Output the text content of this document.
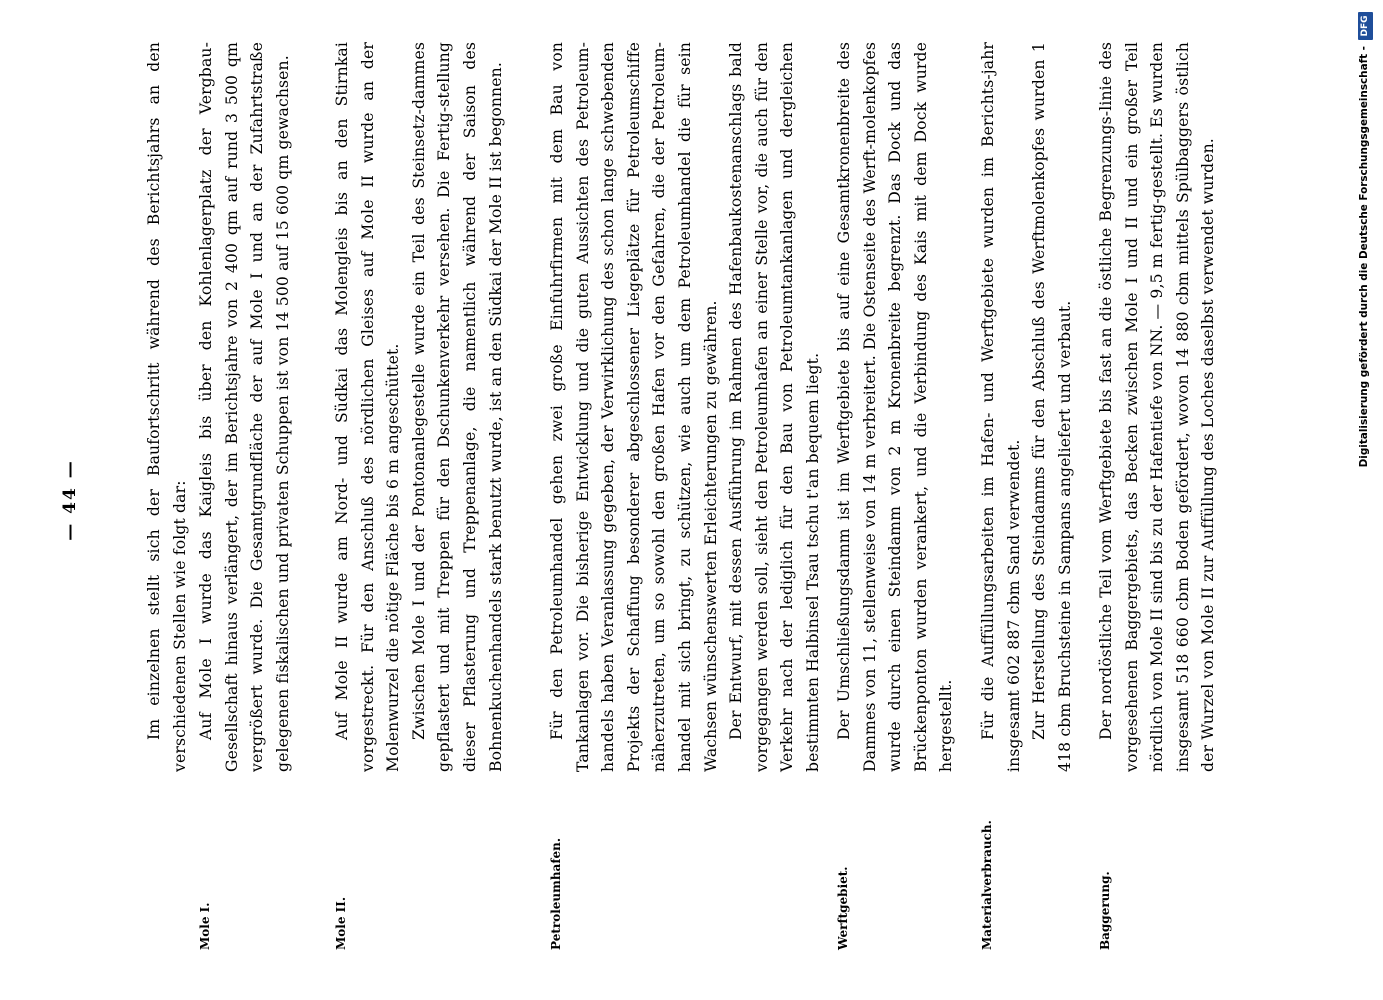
— 44 —	Im einzelnen stellt sich der Baufortschritt während des Berichtsjahrs an den verschiedenen Stellen wie folgt dar:

Mole I.

Auf Mole I wurde das Kaigleis bis über den Kohlenlagerplatz der Vergbau-Gesellschaft hinaus verlängert, der im Berichtsjahre von 2 400 qm auf rund 3 500 qm vergrößert wurde. Die Gesamtgrundfläche der auf Mole I und an der Zufahrtstraße gelegenen fiskalischen und privaten Schuppen ist von 14 500 auf 15 600 qm gewachsen.

Mole II.

Auf Mole II wurde am Nord- und Südkai das Molengleis bis an den Stirnkai vorgestreckt. Für den Anschluß des nördlichen Gleises auf Mole II wurde an der Molenwurzel die nötige Fläche bis 6 m angeschüttet. Zwischen Mole I und der Pontonanlegestelle wurde ein Teil des Steinsetz-dammes gepflastert und mit Treppen für den Dschunkenverkehr versehen. Die Fertig-stellung dieser Pflasterung und Treppenanlage, die namentlich während der Saison des Bohnenkuchenhandels stark benutzt wurde, ist an den Südkai der Mole II ist begonnen.

Petroleumhafen.

Für den Petroleumhandel gehen zwei große Einfuhrfirmen mit dem Bau von Tankanlagen vor. Die bisherige Entwicklung und die guten Aussichten des Petroleum-handels haben Veranlassung gegeben, der Verwirklichung des schon lange schwebenden Projekts der Schaffung besonderer abgeschlossener Liegeplätze für Petroleumschiffe näherzutreten, um so sowohl den großen Hafen vor den Gefahren, die der Petroleum-handel mit sich bringt, zu schützen, wie auch um dem Petroleumhandel die für sein Wachsen wünschenswerten Erleichterungen zu gewähren. Der Entwurf, mit dessen Ausführung im Rahmen des Hafenbaukostenanschlags bald vorgegangen werden soll, sieht den Petroleumhafen an einer Stelle vor, die auch für den Verkehr nach der lediglich für den Bau von Petroleumtankanlagen und dergleichen bestimmten Halbinsel Tsau tschu t'an bequem liegt.

Werftgebiet.

Der Umschließungsdamm ist im Werftgebiete bis auf eine Gesamtkronenbreite des Dammes von 11, stellenweise von 14 m verbreitert. Die Ostenseite des Werft-molenkopfes wurde durch einen Steindamm von 2 m Kronenbreite begrenzt. Das Dock und das Brückenponton wurden verankert, und die Verbindung des Kais mit dem Dock wurde hergestellt.

Materialverbrauch.

Für die Auffüllungsarbeiten im Hafen- und Werftgebiete wurden im Berichts-jahr insgesamt 602 887 cbm Sand verwendet. Zur Herstellung des Steindamms für den Abschluß des Werftmolenkopfes wurden 1 418 cbm Bruchsteine in Sampans angeliefert und verbaut.

Baggerung.

Der nordöstliche Teil vom Werftgebiete bis fast an die östliche Begrenzungs-linie des vorgesehenen Baggergebiets, das Becken zwischen Mole I und II und ein großer Teil nördlich von Mole II sind bis zu der Hafentiefe von NN. — 9,5 m fertig-gestellt. Es wurden insgesamt 518 660 cbm Boden gefördert, wovon 14 880 cbm mittels Spülbaggers östlich der Wurzel von Mole II zur Auffüllung des Loches daselbst verwendet wurden.	Digitalisierung gefördert durch die Deutsche Forschungsgemeinschaft -
DFG
